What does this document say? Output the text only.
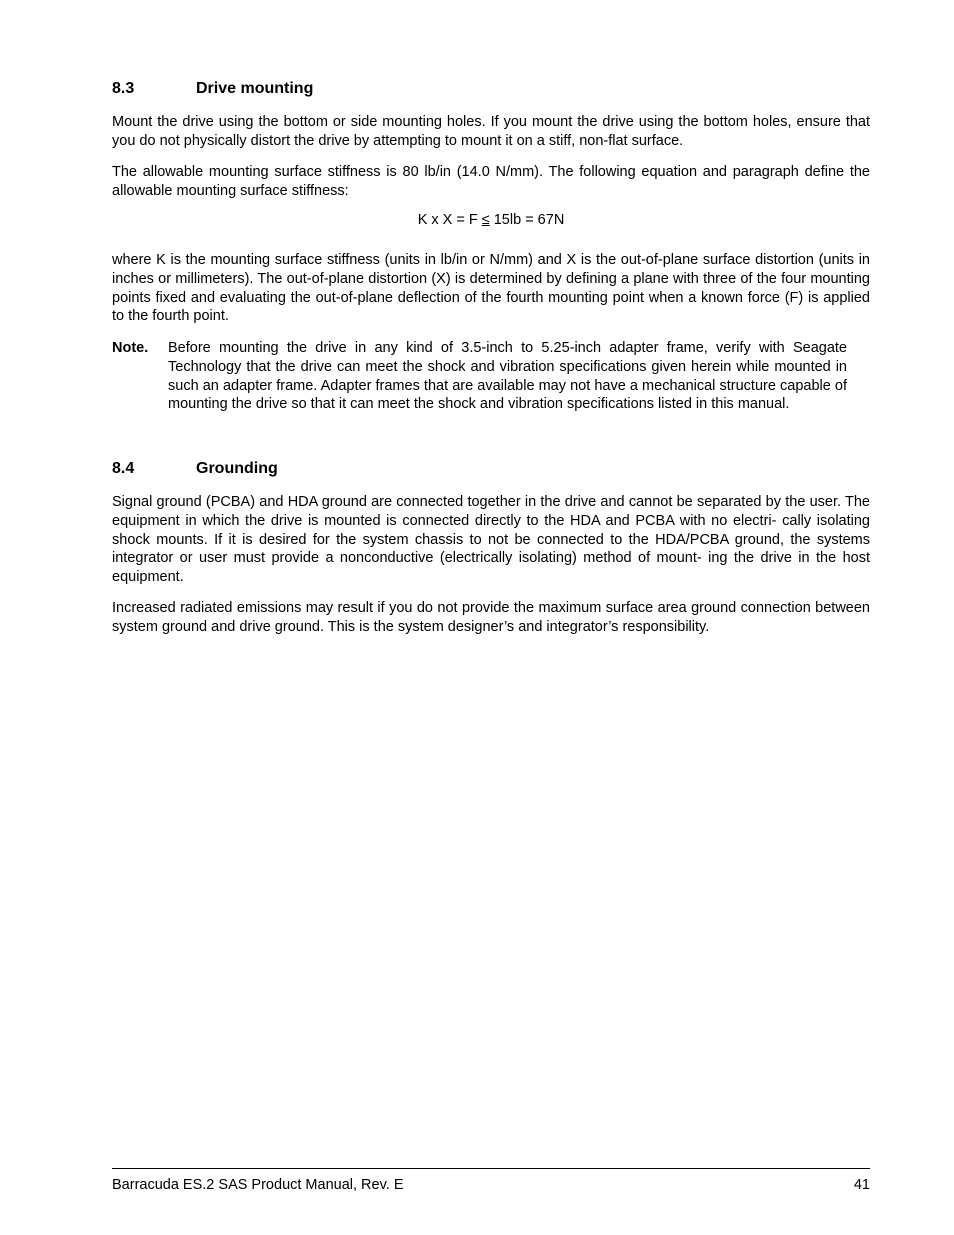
8.3	Drive mounting

Mount the drive using the bottom or side mounting holes. If you mount the drive using the bottom holes, ensure that you do not physically distort the drive by attempting to mount it on a stiff, non-flat surface.

The allowable mounting surface stiffness is 80 lb/in (14.0 N/mm). The following equation and paragraph define the allowable mounting surface stiffness:

K x X = F ≤ 15lb = 67N

where K is the mounting surface stiffness (units in lb/in or N/mm) and X is the out-of-plane surface distortion (units in inches or millimeters). The out-of-plane distortion (X) is determined by defining a plane with three of the four mounting points fixed and evaluating the out-of-plane deflection of the fourth mounting point when a known force (F) is applied to the fourth point.

Note. Before mounting the drive in any kind of 3.5-inch to 5.25-inch adapter frame, verify with Seagate Technology that the drive can meet the shock and vibration specifications given herein while mounted in such an adapter frame. Adapter frames that are available may not have a mechanical structure capable of mounting the drive so that it can meet the shock and vibration specifications listed in this manual.

8.4	Grounding

Signal ground (PCBA) and HDA ground are connected together in the drive and cannot be separated by the user. The equipment in which the drive is mounted is connected directly to the HDA and PCBA with no electri- cally isolating shock mounts. If it is desired for the system chassis to not be connected to the HDA/PCBA ground, the systems integrator or user must provide a nonconductive (electrically isolating) method of mount- ing the drive in the host equipment.

Increased radiated emissions may result if you do not provide the maximum surface area ground connection between system ground and drive ground. This is the system designer’s and integrator’s responsibility.

Barracuda ES.2 SAS Product Manual, Rev. E	41
